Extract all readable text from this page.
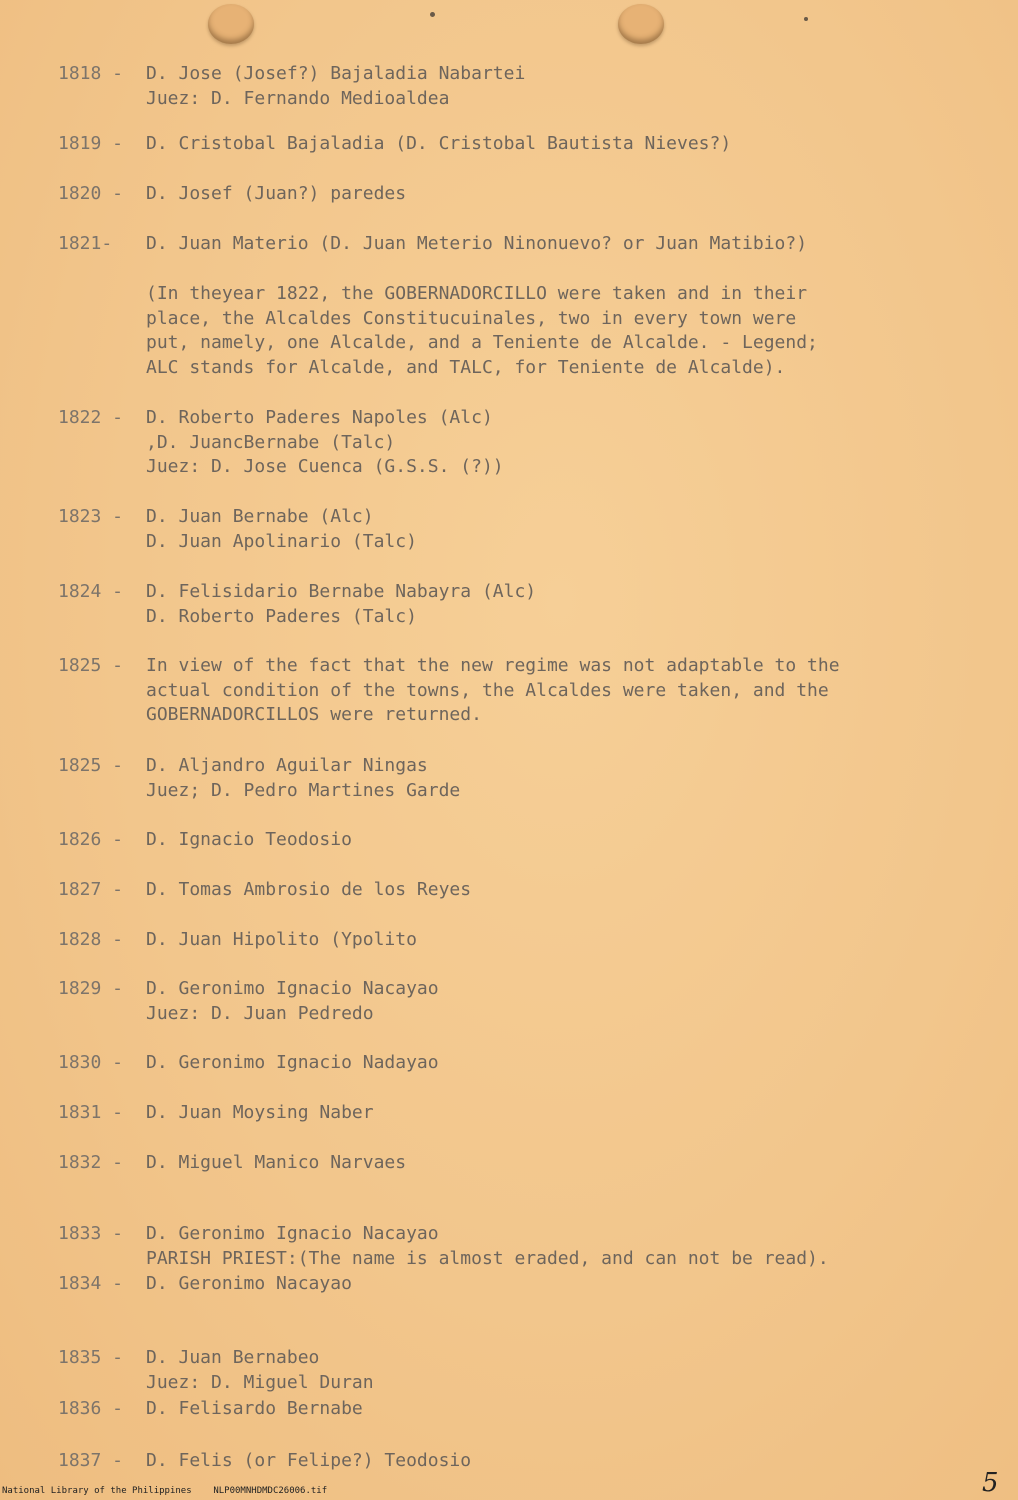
1818 -	D. Jose (Josef?) Bajaladia Nabartei
Juez: D. Fernando Medioaldea
1819 -	D. Cristobal Bajaladia (D. Cristobal Bautista Nieves?)
1820 -	D. Josef (Juan?) paredes
1821-	D. Juan Materio (D. Juan Meterio Ninonuevo? or Juan Matibio?)
(In theyear 1822, the GOBERNADORCILLO were taken and in their
place, the Alcaldes Constitucuinales, two in every town were
put, namely, one Alcalde, and a Teniente de Alcalde. - Legend;
ALC stands for Alcalde, and TALC, for Teniente de Alcalde).
1822 -	D. Roberto Paderes Napoles (Alc)
,D. JuancBernabe (Talc)
Juez: D. Jose Cuenca (G.S.S. (?))
1823 -	D. Juan Bernabe (Alc)
D. Juan Apolinario (Talc)
1824 -	D. Felisidario Bernabe Nabayra (Alc)
D. Roberto Paderes (Talc)
1825 -	In view of the fact that the new regime was not adaptable to the
actual condition of the towns, the Alcaldes were taken, and the
GOBERNADORCILLOS were returned.
1825 -	D. Aljandro Aguilar Ningas
Juez; D. Pedro Martines Garde
1826 -	D. Ignacio Teodosio
1827 -	D. Tomas Ambrosio de los Reyes
1828 -	D. Juan Hipolito (Ypolito
1829 -	D. Geronimo Ignacio Nacayao
Juez: D. Juan Pedredo
1830 -	D. Geronimo Ignacio Nadayao
1831 -	D. Juan Moysing Naber
1832 -	D. Miguel Manico Narvaes
1833 -	D. Geronimo Ignacio Nacayao
PARISH PRIEST:(The name is almost eraded, and can not be read).
1834 -	D. Geronimo Nacayao
1835 -	D. Juan Bernabeo
Juez: D. Miguel Duran
1836 -	D. Felisardo Bernabe
1837 -	D. Felis (or Felipe?) Teodosio
National Library of the Philippines NLP00MNHDMDC26006.tif	5
